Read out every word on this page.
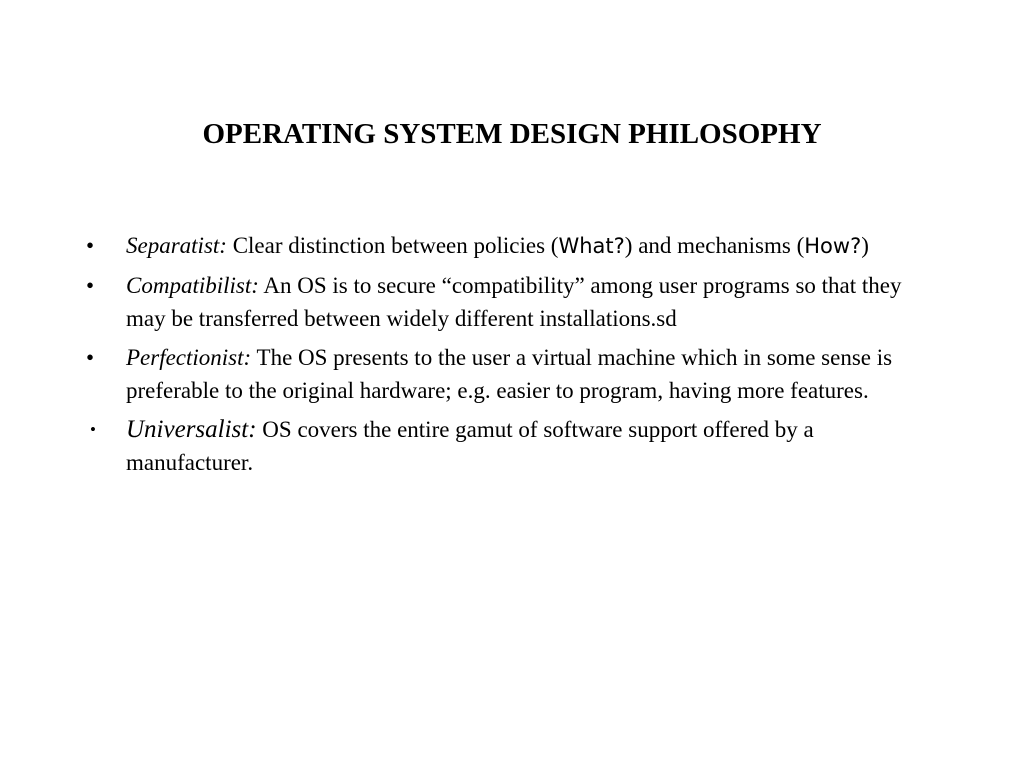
OPERATING SYSTEM DESIGN PHILOSOPHY
•	Separatist: Clear distinction between policies (What?) and mechanisms (How?)
•	Compatibilist: An OS is to secure “compatibility” among user programs so that they may be transferred between widely different installations.sd
•	Perfectionist: The OS presents to the user a virtual machine which in some sense is preferable to the original hardware; e.g. easier to program, having more features.
•	Universalist: OS covers the entire gamut of software support offered by a manufacturer.
